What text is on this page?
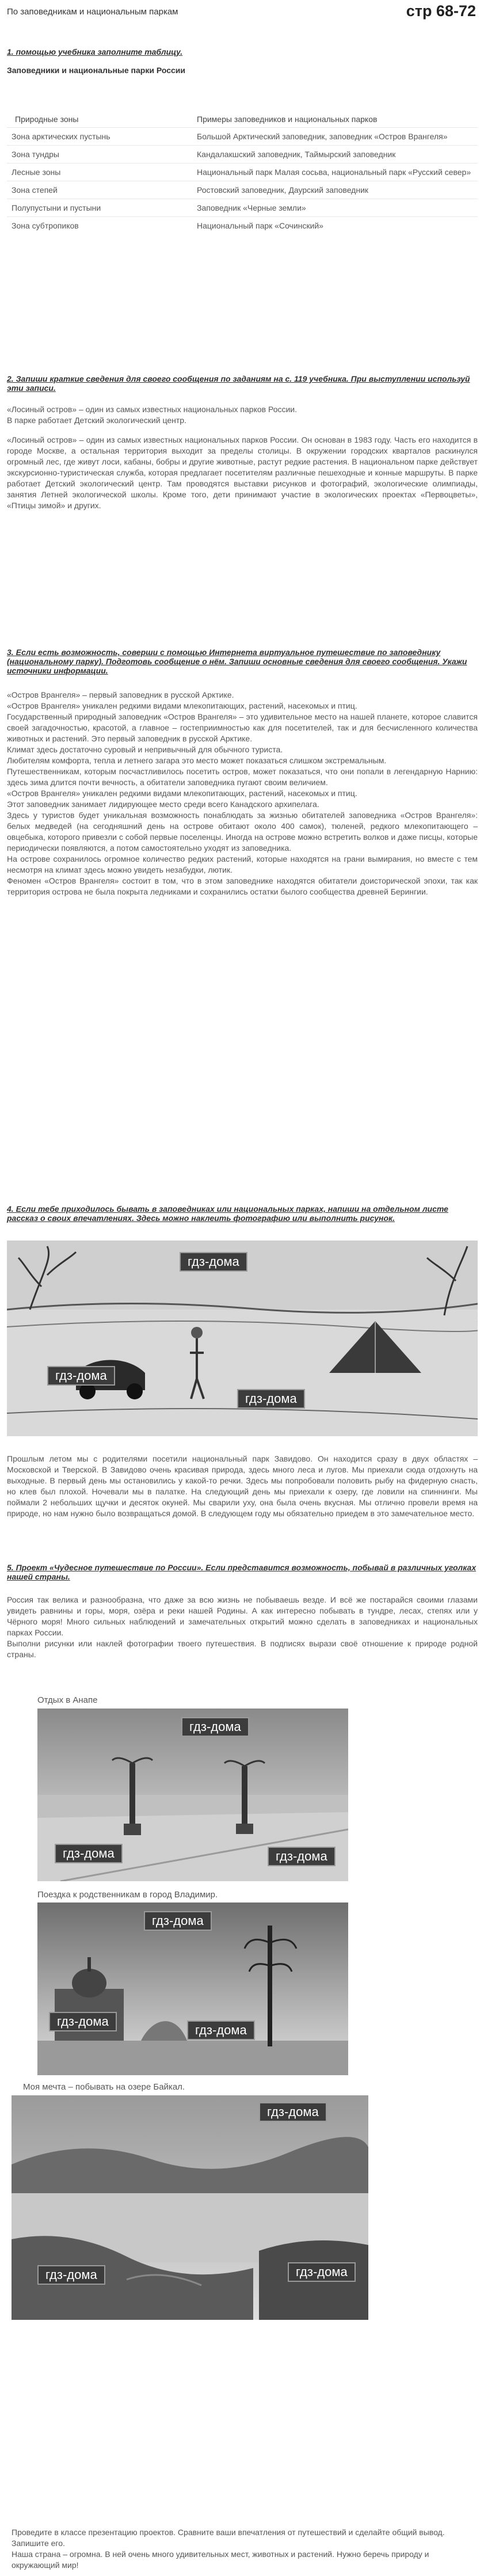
По заповедникам и национальным паркам	стр 68-72
1. помощью учебника заполните таблицу.
Заповедники и национальные парки России
Природные зоны	Примеры заповедников и национальных парков
Зона арктических пустынь	Большой Арктический заповедник, заповедник «Остров Врангеля»
Зона тундры	Кандалакшский заповедник, Таймырский заповедник
Лесные зоны	Национальный парк Малая сосьва, национальный парк «Русский север»
Зона степей	Ростовский заповедник, Даурский заповедник
Полупустыни и пустыни	Заповедник «Черные земли»
Зона субтропиков	Национальный парк «Сочинский»
2. Запиши краткие сведения для своего сообщения по заданиям на с. 119 учебника. При выступлении используй эти записи.

«Лосиный остров» – один из самых известных национальных парков России.

В парке работает Детский экологический центр.

«Лосиный остров» – один из самых известных национальных парков России. Он основан в 1983 году. Часть его находится в городе Москве, а остальная территория выходит за пределы столицы. В окружении городских кварталов раскинулся огромный лес, где живут лоси, кабаны, бобры и другие животные, растут редкие растения. В национальном парке действует экскурсионно-туристическая служба, которая предлагает посетителям различные пешеходные и конные маршруты. В парке работает Детский экологический центр. Там проводятся выставки рисунков и фотографий, экологические олимпиады, занятия Летней экологической школы. Кроме того, дети принимают участие в экологических проектах «Первоцветы», «Птицы зимой» и других.

3. Если есть возможность, соверши с помощью Интернета виртуальное путешествие по заповеднику (национальному парку). Подготовь сообщение о нём. Запиши основные сведения для своего сообщения. Укажи источники информации.

«Остров Врангеля» – первый заповедник в русской Арктике.

«Остров Врангеля» уникален редкими видами млекопитающих, растений, насекомых и птиц.

Государственный природный заповедник «Остров Врангеля» – это удивительное место на нашей планете, которое славится своей загадочностью, красотой, а главное – гостеприимностью как для посетителей, так и для бесчисленного количества животных и растений. Это первый заповедник в русской Арктике.

Климат здесь достаточно суровый и непривычный для обычного туриста.

Любителям комфорта, тепла и летнего загара это место может показаться слишком экстремальным.

Путешественникам, которым посчастливилось посетить остров, может показаться, что они попали в легендарную Нарнию: здесь зима длится почти вечность, а обитатели заповедника пугают своим величием.

«Остров Врангеля» уникален редкими видами млекопитающих, растений, насекомых и птиц.

Этот заповедник занимает лидирующее место среди всего Канадского архипелага.

Здесь у туристов будет уникальная возможность понаблюдать за жизнью обитателей заповедника «Остров Врангеля»: белых медведей (на сегодняшний день на острове обитают около 400 самок), тюленей, редкого млекопитающего – овцебыка, которого привезли с собой первые поселенцы. Иногда на острове можно встретить волков и даже писцы, которые периодически появляются, а потом самостоятельно уходят из заповедника.

На острове сохранилось огромное количество редких растений, которые находятся на грани вымирания, но вместе с тем несмотря на климат здесь можно увидеть незабудки, лютик.

Феномен «Остров Врангеля» состоит в том, что в этом заповеднике находятся обитатели доисторической эпохи, так как территория острова не была покрыта ледниками и сохранились остатки былого сообщества древней Берингии.

4. Если тебе приходилось бывать в заповедниках или национальных парках, напиши на отдельном листе рассказ о своих впечатлениях. Здесь можно наклеить фотографию или выполнить рисунок.
гдз-дома
гдз-дома
гдз-дома
Прошлым летом мы с родителями посетили национальный парк Завидово. Он находится сразу в двух областях – Московской и Тверской. В Завидово очень красивая природа, здесь много леса и лугов. Мы приехали сюда отдохнуть на выходные. В первый день мы остановились у какой-то речки. Здесь мы попробовали половить рыбу на фидерную снасть, но клев был плохой. Ночевали мы в палатке. На следующий день мы приехали к озеру, где ловили на спиннинги. Мы поймали 2 небольших щучки и десяток окуней. Мы сварили уху, она была очень вкусная. Мы отлично провели время на природе, но нам нужно было возвращаться домой. В следующем году мы обязательно приедем в это замечательное место.
5. Проект «Чудесное путешествие по России». Если представится возможность, побывай в различных уголках нашей страны.

Россия так велика и разнообразна, что даже за всю жизнь не побываешь везде. И всё же постарайся своими глазами увидеть равнины и горы, моря, озёра и реки нашей Родины. А как интересно побывать в тундре, лесах, степях или у Чёрного моря! Много сильных наблюдений и замечательных открытий можно сделать в заповедниках и национальных парках России.

Выполни рисунки или наклей фотографии твоего путешествия. В подписях вырази своё отношение к природе родной страны.

Отдых в Анапе
гдз-дома
гдз-дома	гдз-дома
Поездка к родственникам в город Владимир.
гдз-дома
гдз-дома
гдз-дома
Моя мечта – побывать на озере Байкал.
гдз-дома
гдз-дома	гдз-дома

Проведите в классе презентацию проектов. Сравните ваши впечатления от путешествий и сделайте общий вывод. Запишите его.

Наша страна – огромна. В ней очень много удивительных мест, животных и растений. Нужно беречь природу и окружающий мир!
